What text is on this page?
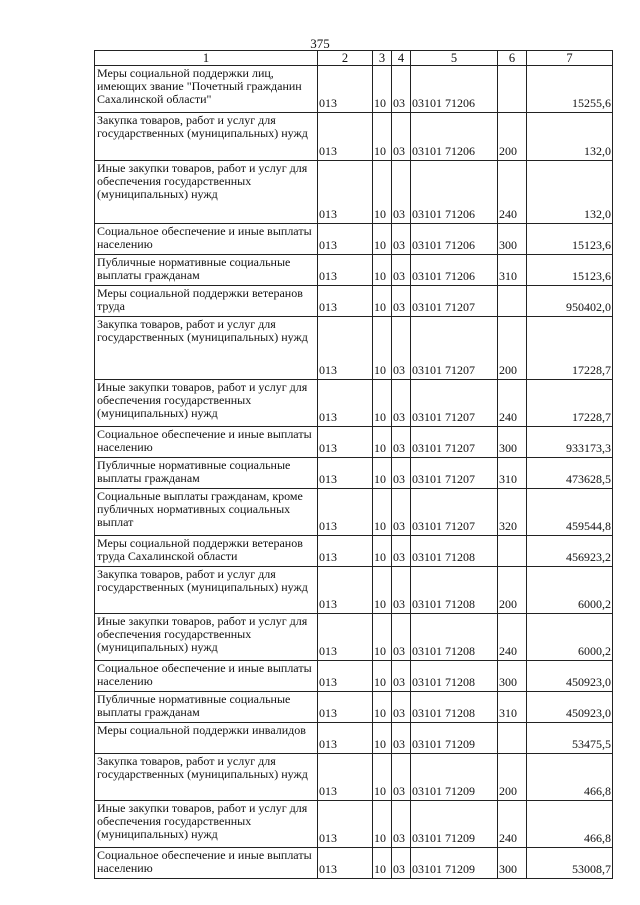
375
1	2	3	4	5	6	7
Меры социальной поддержки лиц, имеющих звание "Почетный гражданин Сахалинской области"	013	10	03	03101 71206		15255,6
Закупка товаров, работ и услуг для государственных (муниципальных) нужд	013	10	03	03101 71206	200	132,0
Иные закупки товаров, работ и услуг для обеспечения государственных (муниципальных) нужд	013	10	03	03101 71206	240	132,0
Социальное обеспечение и иные выплаты населению	013	10	03	03101 71206	300	15123,6
Публичные нормативные социальные выплаты гражданам	013	10	03	03101 71206	310	15123,6
Меры социальной поддержки ветеранов труда	013	10	03	03101 71207		950402,0
Закупка товаров, работ и услуг для государственных (муниципальных) нужд	013	10	03	03101 71207	200	17228,7
Иные закупки товаров, работ и услуг для обеспечения государственных (муниципальных) нужд	013	10	03	03101 71207	240	17228,7
Социальное обеспечение и иные выплаты населению	013	10	03	03101 71207	300	933173,3
Публичные нормативные социальные выплаты гражданам	013	10	03	03101 71207	310	473628,5
Социальные выплаты гражданам, кроме публичных нормативных социальных выплат	013	10	03	03101 71207	320	459544,8
Меры социальной поддержки ветеранов труда Сахалинской области	013	10	03	03101 71208		456923,2
Закупка товаров, работ и услуг для государственных (муниципальных) нужд	013	10	03	03101 71208	200	6000,2
Иные закупки товаров, работ и услуг для обеспечения государственных (муниципальных) нужд	013	10	03	03101 71208	240	6000,2
Социальное обеспечение и иные выплаты населению	013	10	03	03101 71208	300	450923,0
Публичные нормативные социальные выплаты гражданам	013	10	03	03101 71208	310	450923,0
Меры социальной поддержки инвалидов	013	10	03	03101 71209		53475,5
Закупка товаров, работ и услуг для государственных (муниципальных) нужд	013	10	03	03101 71209	200	466,8
Иные закупки товаров, работ и услуг для обеспечения государственных (муниципальных) нужд	013	10	03	03101 71209	240	466,8
Социальное обеспечение и иные выплаты населению	013	10	03	03101 71209	300	53008,7
